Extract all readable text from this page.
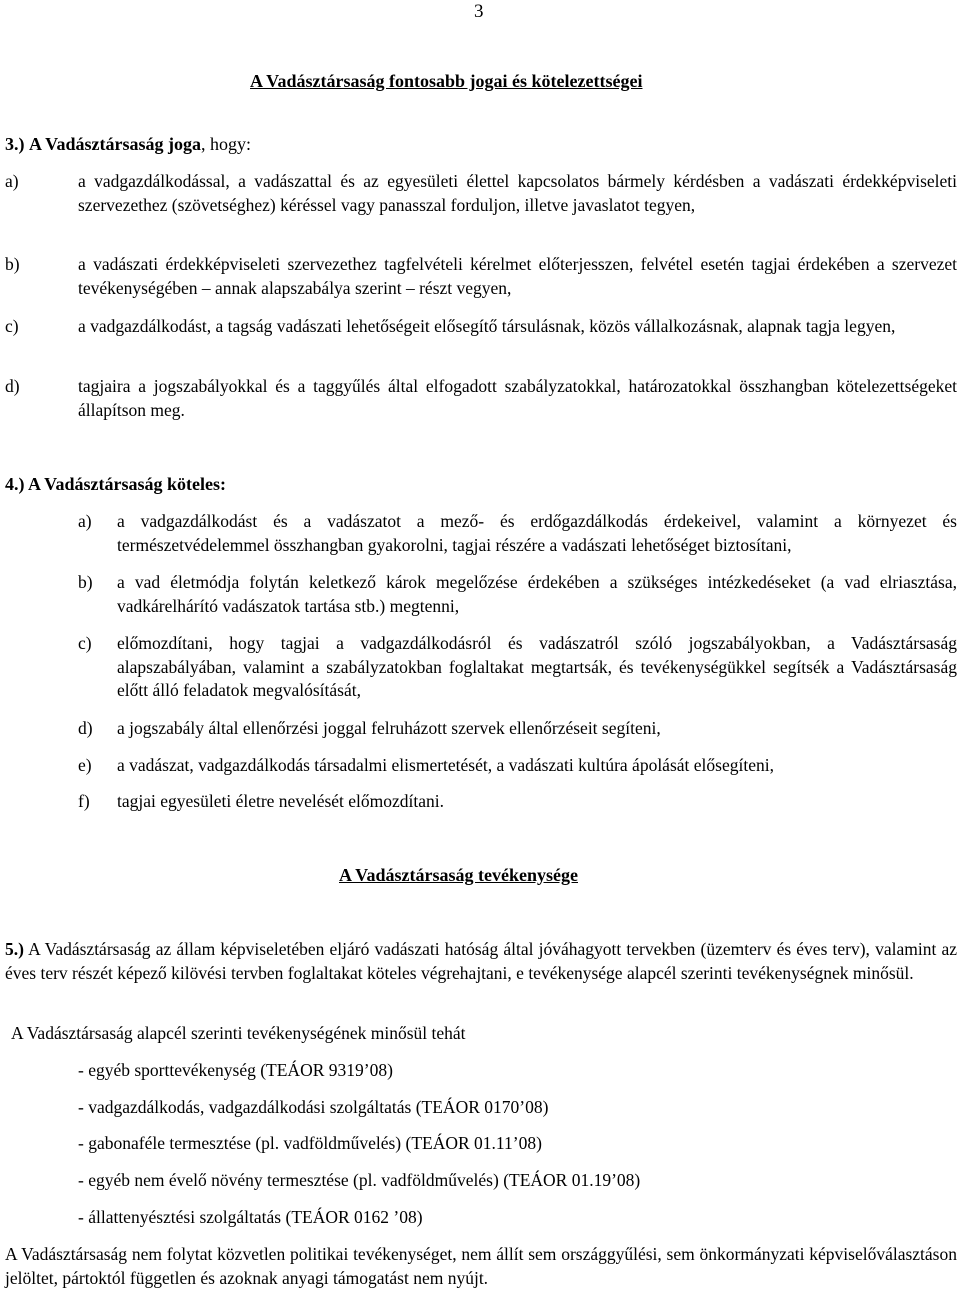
3
A Vadásztársaság fontosabb jogai és kötelezettségei
3.) A Vadásztársaság joga, hogy:
a)	a vadgazdálkodással, a vadászattal és az egyesületi élettel kapcsolatos bármely kérdésben a vadászati érdekképviseleti szervezethez (szövetséghez) kéréssel vagy panasszal forduljon, illetve javaslatot tegyen,
b)	a vadászati érdekképviseleti szervezethez tagfelvételi kérelmet előterjesszen, felvétel esetén tagjai érdekében a szervezet tevékenységében – annak alapszabálya szerint – részt vegyen,
c)	a vadgazdálkodást, a tagság vadászati lehetőségeit elősegítő társulásnak, közös vállalkozásnak, alapnak tagja legyen,
d)	tagjaira a jogszabályokkal és a taggyűlés által elfogadott szabályzatokkal, határozatokkal összhangban kötelezettségeket állapítson meg.
4.) A Vadásztársaság köteles:
a)	a vadgazdálkodást és a vadászatot a mező- és erdőgazdálkodás érdekeivel, valamint a környezet és természetvédelemmel összhangban gyakorolni, tagjai részére a vadászati lehetőséget biztosítani,
b)	a vad életmódja folytán keletkező károk megelőzése érdekében a szükséges intézkedéseket (a vad elriasztása, vadkárelhárító vadászatok tartása stb.) megtenni,
c)	előmozdítani, hogy tagjai a vadgazdálkodásról és vadászatról szóló jogszabályokban, a Vadásztársaság alapszabályában, valamint a szabályzatokban foglaltakat megtartsák, és tevékenységükkel segítsék a Vadásztársaság előtt álló feladatok megvalósítását,
d)	a jogszabály által ellenőrzési joggal felruházott szervek ellenőrzéseit segíteni,
e)	a vadászat, vadgazdálkodás társadalmi elismertetését, a vadászati kultúra ápolását elősegíteni,
f)	tagjai egyesületi életre nevelését előmozdítani.
A Vadásztársaság tevékenysége
5.) A Vadásztársaság az állam képviseletében eljáró vadászati hatóság által jóváhagyott tervekben (üzemterv és éves terv), valamint az éves terv részét képező kilövési tervben foglaltakat köteles végrehajtani, e tevékenysége alapcél szerinti tevékenységnek minősül.
A Vadásztársaság alapcél szerinti tevékenységének minősül tehát
- egyéb sporttevékenység (TEÁOR 9319’08)
- vadgazdálkodás, vadgazdálkodási szolgáltatás (TEÁOR 0170’08)
- gabonaféle termesztése (pl. vadföldművelés) (TEÁOR 01.11’08)
- egyéb nem évelő növény termesztése (pl. vadföldművelés) (TEÁOR 01.19’08)
- állattenyésztési szolgáltatás (TEÁOR 0162 ’08)
A Vadásztársaság nem folytat közvetlen politikai tevékenységet, nem állít sem országgyűlési, sem önkormányzati képviselőválasztáson jelöltet, pártoktól független és azoknak anyagi támogatást nem nyújt.
